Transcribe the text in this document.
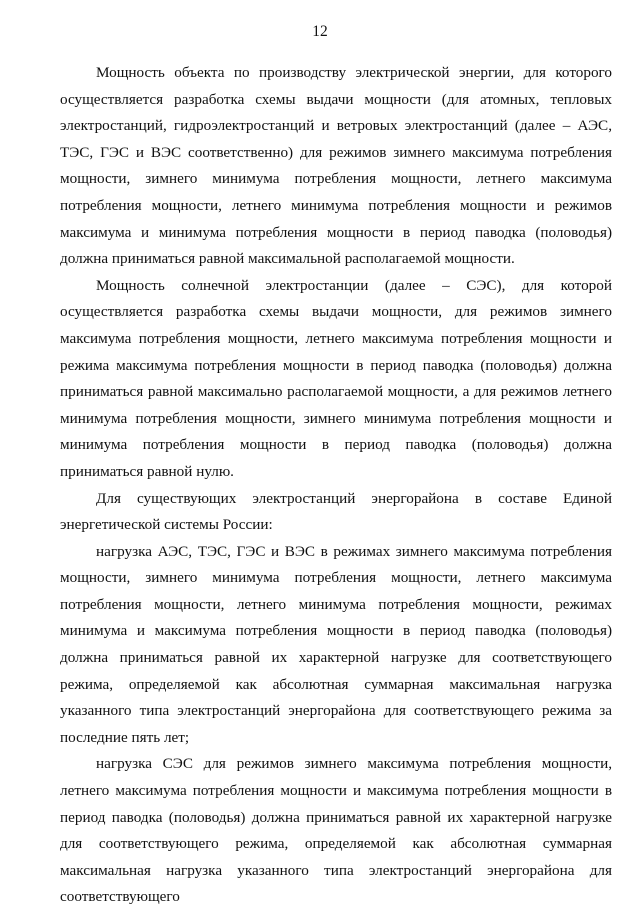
12

Мощность объекта по производству электрической энергии, для которого осуществляется разработка схемы выдачи мощности (для атомных, тепловых электростанций, гидроэлектростанций и ветровых электростанций (далее – АЭС, ТЭС, ГЭС и ВЭС соответственно) для режимов зимнего максимума потребления мощности, зимнего минимума потребления мощности, летнего максимума потребления мощности, летнего минимума потребления мощности и режимов максимума и минимума потребления мощности в период паводка (половодья) должна приниматься равной максимальной располагаемой мощности.

Мощность солнечной электростанции (далее – СЭС), для которой осуществляется разработка схемы выдачи мощности, для режимов зимнего максимума потребления мощности, летнего максимума потребления мощности и режима максимума потребления мощности в период паводка (половодья) должна приниматься равной максимально располагаемой мощности, а для режимов летнего минимума потребления мощности, зимнего минимума потребления мощности и минимума потребления мощности в период паводка (половодья) должна приниматься равной нулю.

Для существующих электростанций энергорайона в составе Единой энергетической системы России:

нагрузка АЭС, ТЭС, ГЭС и ВЭС в режимах зимнего максимума потребления мощности, зимнего минимума потребления мощности, летнего максимума потребления мощности, летнего минимума потребления мощности, режимах минимума и максимума потребления мощности в период паводка (половодья) должна приниматься равной их характерной нагрузке для соответствующего режима, определяемой как абсолютная суммарная максимальная нагрузка указанного типа электростанций энергорайона для соответствующего режима за последние пять лет;

нагрузка СЭС для режимов зимнего максимума потребления мощности, летнего максимума потребления мощности и максимума потребления мощности в период паводка (половодья) должна приниматься равной их характерной нагрузке для соответствующего режима, определяемой как абсолютная суммарная максимальная нагрузка указанного типа электростанций энергорайона для соответствующего
